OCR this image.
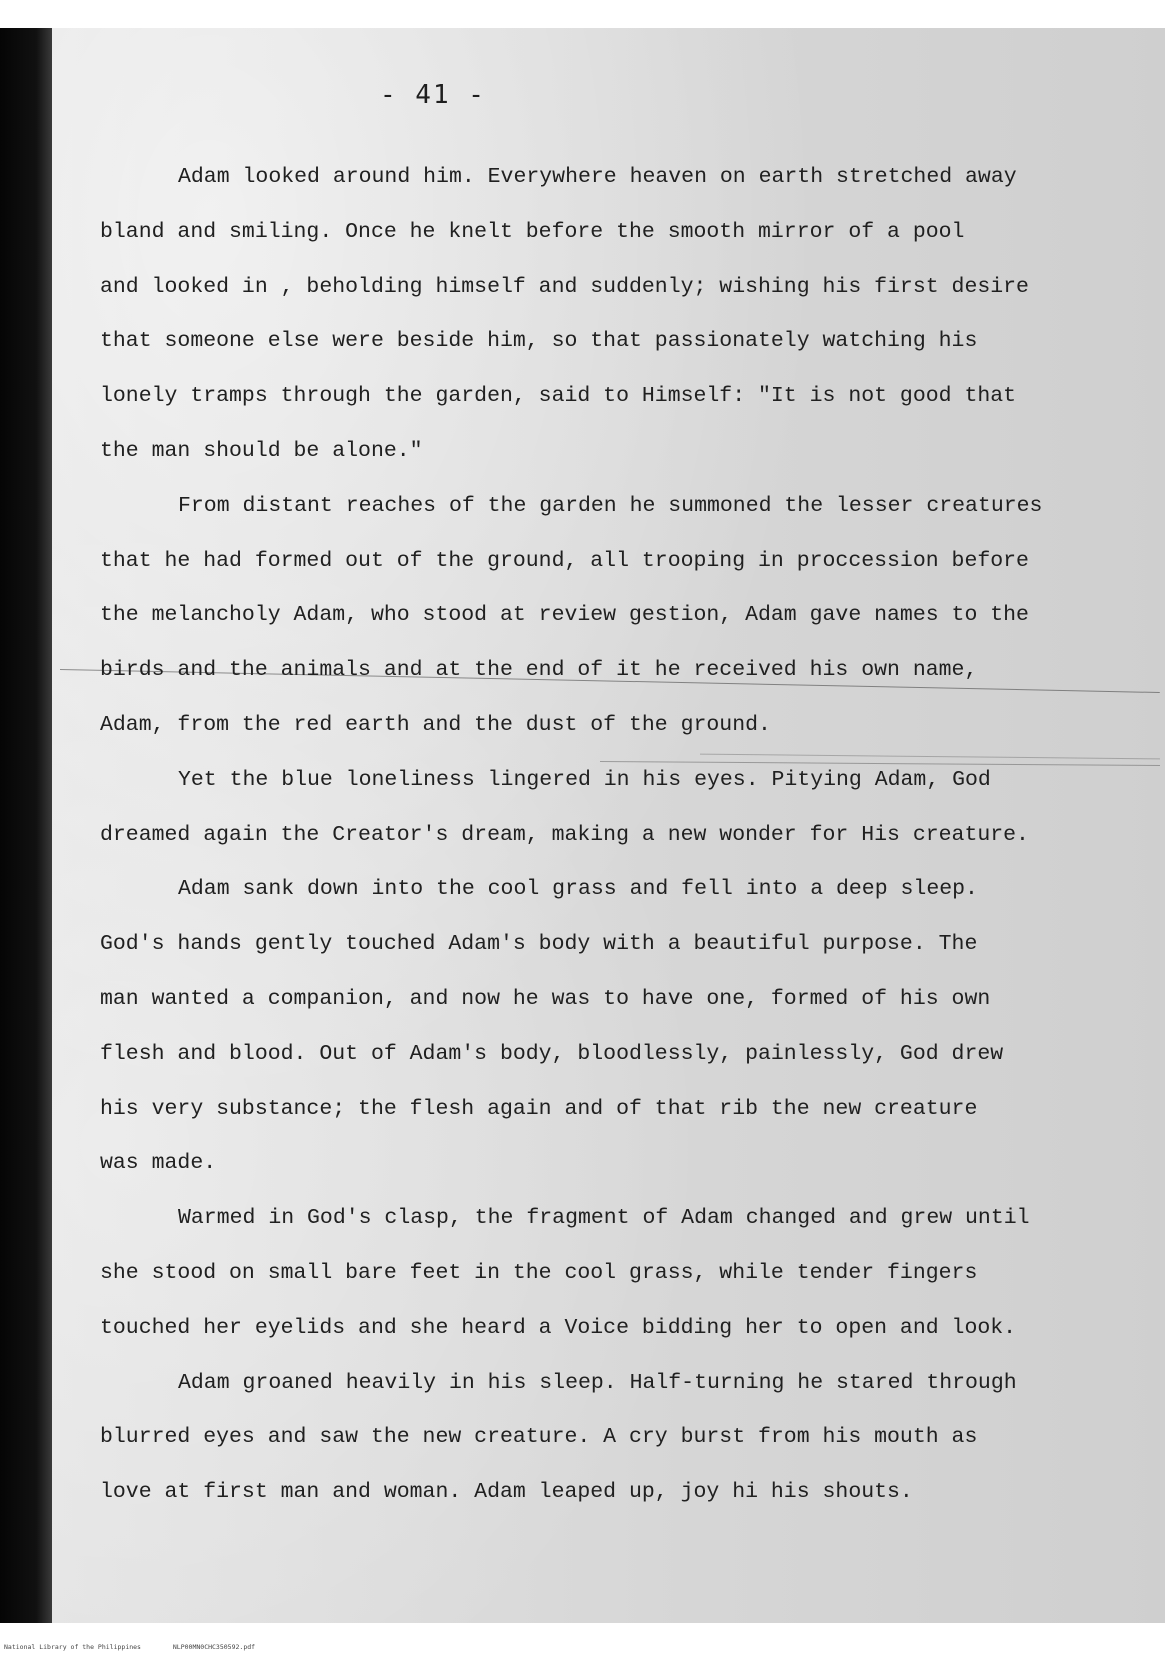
- 41 -
Adam looked around him. Everywhere heaven on earth stretched away
bland and smiling. Once he knelt before the smooth mirror of a pool
and looked in , beholding himself and suddenly; wishing his first desire
that someone else were beside him, so that passionately watching his
lonely tramps through the garden, said to Himself: "It is not good that
the man should be alone."
From distant reaches of the garden he summoned the lesser creatures
that he had formed out of the ground, all trooping in proccession before
the melancholy Adam, who stood at review gestion, Adam gave names to the
birds and the animals and at the end of it he received his own name,
Adam, from the red earth and the dust of the ground.
Yet the blue loneliness lingered in his eyes. Pitying Adam, God
dreamed again the Creator's dream, making a new wonder for His creature.
Adam sank down into the cool grass and fell into a deep sleep.
God's hands gently touched Adam's body with a beautiful purpose. The
man wanted a companion, and now he was to have one, formed of his own
flesh and blood. Out of Adam's body, bloodlessly, painlessly, God drew
his very substance; the flesh again and of that rib the new creature
was made.
Warmed in God's clasp, the fragment of Adam changed and grew until
she stood on small bare feet in the cool grass, while tender fingers
touched her eyelids and she heard a Voice bidding her to open and look.
Adam groaned heavily in his sleep. Half-turning he stared through
blurred eyes and saw the new creature. A cry burst from his mouth as
love at first man and woman. Adam leaped up, joy hi his shouts.
National Library of the Philippines	NLP00MN0CHC350592.pdf
